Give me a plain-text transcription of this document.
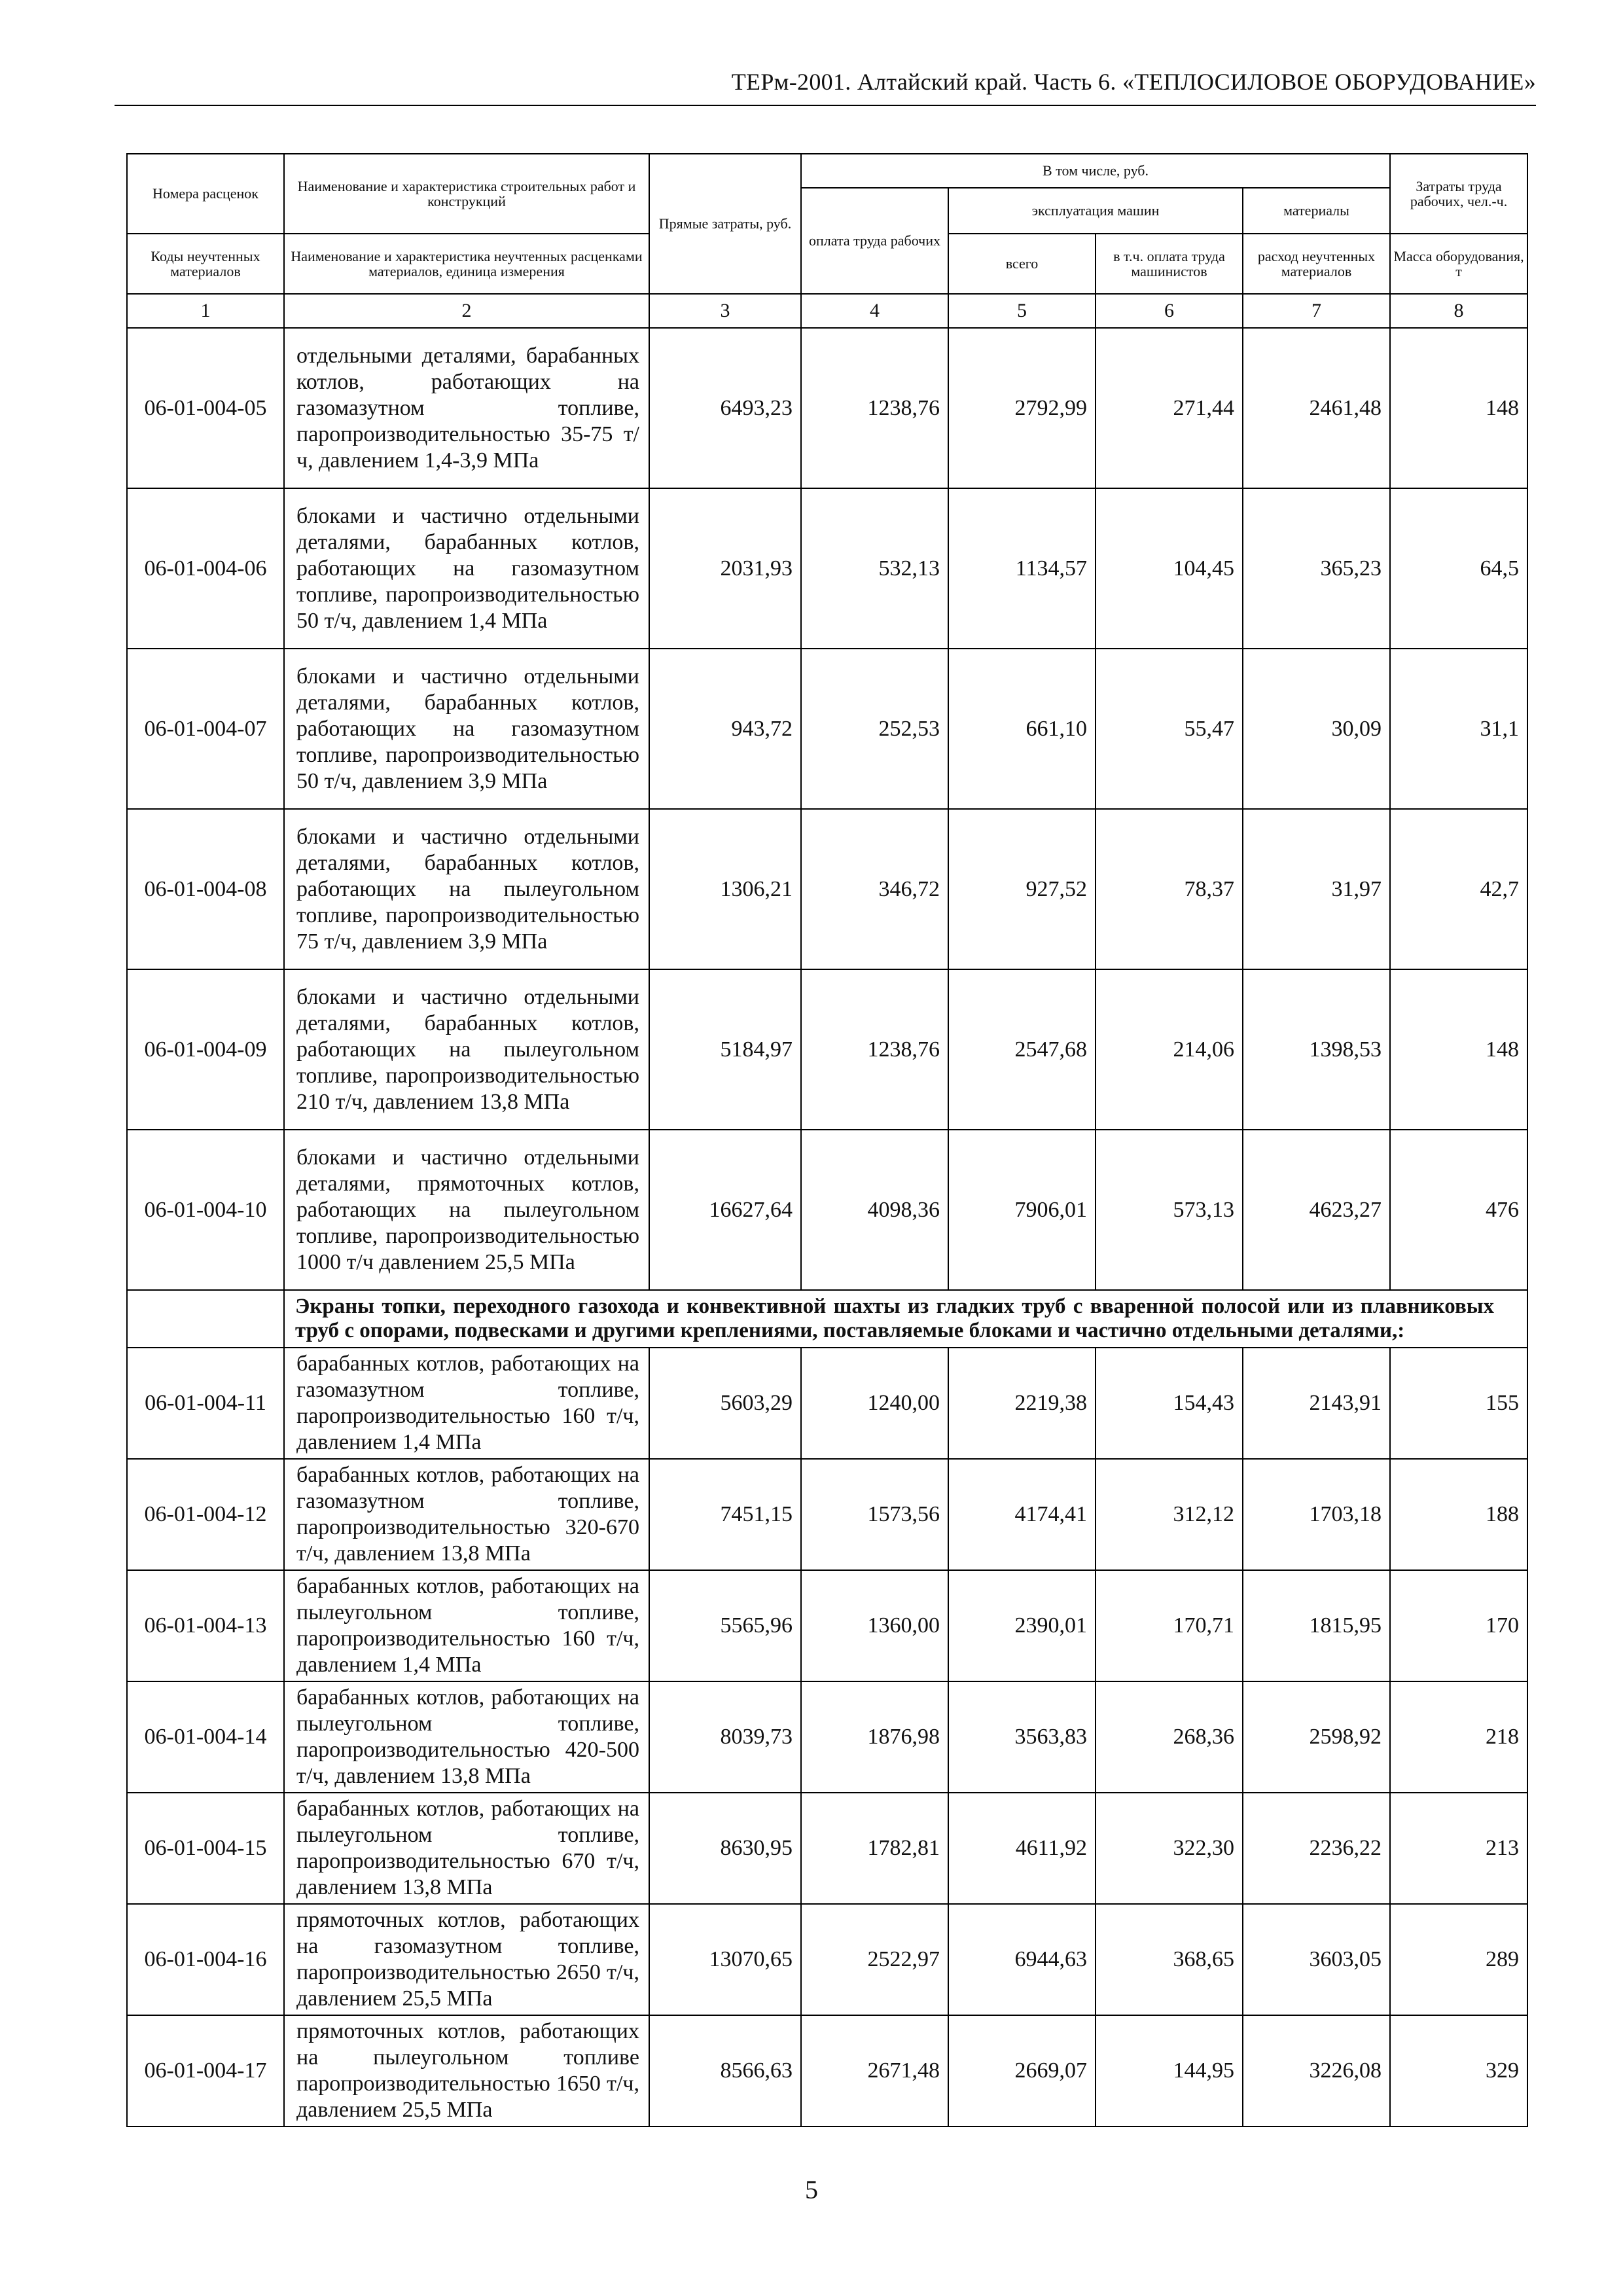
ТЕРм-2001. Алтайский край. Часть 6. «ТЕПЛОСИЛОВОЕ ОБОРУДОВАНИЕ»
Номера расценок	Наименование и характеристика строительных работ и конструкций	Прямые затраты, руб.	В том числе, руб.				Затраты труда рабочих, чел.-ч.
			оплата труда рабочих	эксплуатация машин		материалы	
Коды неучтенных материалов	Наименование и характеристика неучтенных расценками материалов, единица измерения			всего	в т.ч. оплата труда машинистов	расход неучтенных материалов	Масса оборудования, т
1	2	3	4	5	6	7	8
06-01-004-05	отдельными деталями, барабанных котлов, работающих на газомазутном топливе, паропроизводительностью 35-75 т/ч, давлением 1,4-3,9 МПа	6493,23	1238,76	2792,99	271,44	2461,48	148
06-01-004-06	блоками и частично отдельными деталями, барабанных котлов, работающих на газомазутном топливе, паропроизводительностью 50 т/ч, давлением 1,4 МПа	2031,93	532,13	1134,57	104,45	365,23	64,5
06-01-004-07	блоками и частично отдельными деталями, барабанных котлов, работающих на газомазутном топливе, паропроизводительностью 50 т/ч, давлением 3,9 МПа	943,72	252,53	661,10	55,47	30,09	31,1
06-01-004-08	блоками и частично отдельными деталями, барабанных котлов, работающих на пылеугольном топливе, паропроизводительностью 75 т/ч, давлением 3,9 МПа	1306,21	346,72	927,52	78,37	31,97	42,7
06-01-004-09	блоками и частично отдельными деталями, барабанных котлов, работающих на пылеугольном топливе, паропроизводительностью 210 т/ч, давлением 13,8 МПа	5184,97	1238,76	2547,68	214,06	1398,53	148
06-01-004-10	блоками и частично отдельными деталями, прямоточных котлов, работающих на пылеугольном топливе, паропроизводительностью 1000 т/ч давлением 25,5 МПа	16627,64	4098,36	7906,01	573,13	4623,27	476
	Экраны топки, переходного газохода и конвективной шахты из гладких труб с вваренной полосой или из плавниковых труб с опорами, подвесками и другими креплениями, поставляемые блоками и частично отдельными деталями,:						
06-01-004-11	барабанных котлов, работающих на газомазутном топливе, паропроизводительностью 160 т/ч, давлением 1,4 МПа	5603,29	1240,00	2219,38	154,43	2143,91	155
06-01-004-12	барабанных котлов, работающих на газомазутном топливе, паропроизводительностью 320-670 т/ч, давлением 13,8 МПа	7451,15	1573,56	4174,41	312,12	1703,18	188
06-01-004-13	барабанных котлов, работающих на пылеугольном топливе, паропроизводительностью 160 т/ч, давлением 1,4 МПа	5565,96	1360,00	2390,01	170,71	1815,95	170
06-01-004-14	барабанных котлов, работающих на пылеугольном топливе, паропроизводительностью 420-500 т/ч, давлением 13,8 МПа	8039,73	1876,98	3563,83	268,36	2598,92	218
06-01-004-15	барабанных котлов, работающих на пылеугольном топливе, паропроизводительностью 670 т/ч, давлением 13,8 МПа	8630,95	1782,81	4611,92	322,30	2236,22	213
06-01-004-16	прямоточных котлов, работающих на газомазутном топливе, паропроизводительностью 2650 т/ч, давлением 25,5 МПа	13070,65	2522,97	6944,63	368,65	3603,05	289
06-01-004-17	прямоточных котлов, работающих на пылеугольном топливе паропроизводительностью 1650 т/ч, давлением 25,5 МПа	8566,63	2671,48	2669,07	144,95	3226,08	329
5
